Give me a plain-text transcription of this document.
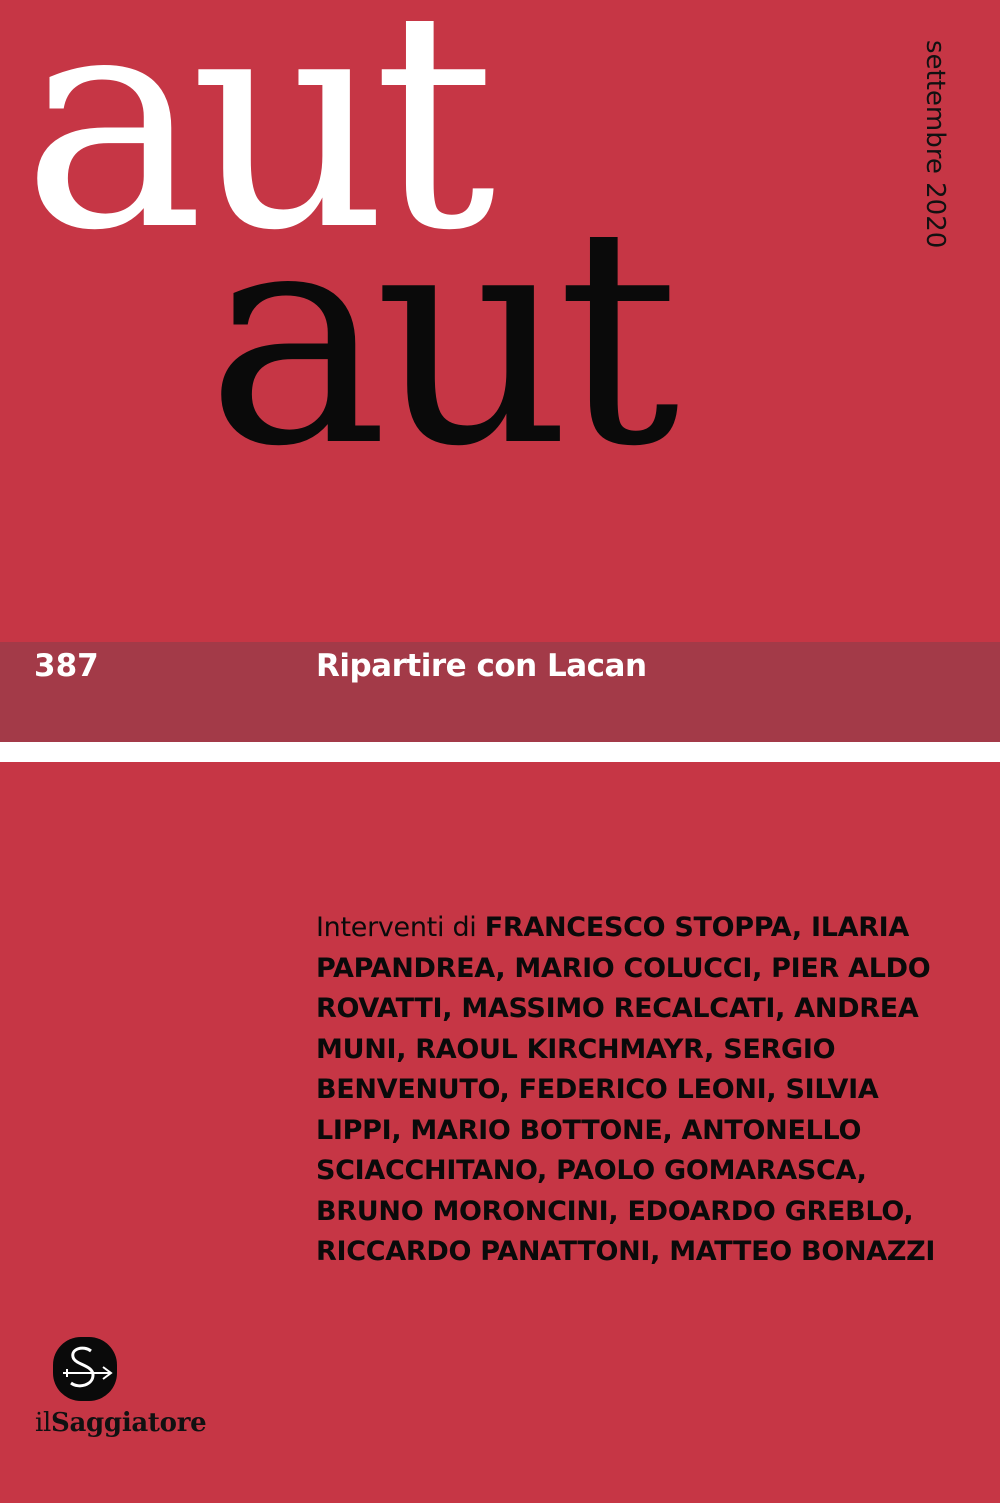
aut
aut
settembre 2020
387	Ripartire con Lacan
Interventi di FRANCESCO STOPPA, ILARIA PAPANDREA, MARIO COLUCCI, PIER ALDO ROVATTI, MASSIMO RECALCATI, ANDREA MUNI, RAOUL KIRCHMAYR, SERGIO BENVENUTO, FEDERICO LEONI, SILVIA LIPPI, MARIO BOTTONE, ANTONELLO SCIACCHITANO, PAOLO GOMARASCA, BRUNO MORONCINI, EDOARDO GREBLO, RICCARDO PANATTONI, MATTEO BONAZZI
ilSaggiatore
